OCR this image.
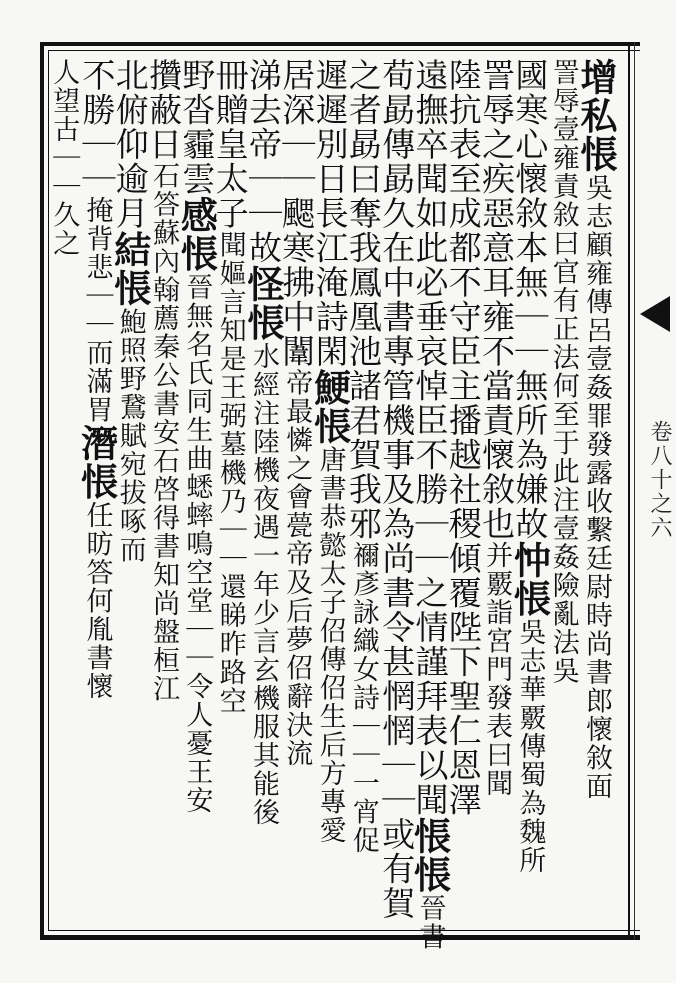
卷八十之六
增私悵吳志顧雍傳呂壹姦罪發露收繫廷尉時尚書郎懷敘面
詈辱壹雍責敘曰官有正法何至于此注壹姦險亂法吳
國寒心懷敘本無｜｜無所為嫌故忡悵吳志華覈傳蜀為魏所
詈辱之疾惡意耳雍不當責懷敘也并覈詣宮門發表曰聞
陸抗表至成都不守臣主播越社稷傾覆陛下聖仁恩澤
遠撫卒聞如此必垂哀悼臣不勝｜｜之情謹拜表以聞悵悵晉書
荀勗傳勗久在中書專管機事及為尚書令甚惘惘｜｜或有賀
之者勗曰奪我鳳凰池諸君賀我邪禰彥詠織女詩｜｜一宵促
遲遲別日長江淹詩閑鯁悵唐書恭懿太子佋傳佋生后方專愛
居深｜｜颸寒拂中闈帝最憐之會甍帝及后夢佋辭決流
涕去帝｜｜故怪悵水經注陸機夜遇一年少言玄機服其能後
冊贈皇太子聞嫗言知是王弼墓機乃｜｜還睇昨路空
野沓霾雲感悵晉無名氏同生曲蟋蟀鳴空堂｜｜令人憂王安
攢蔽日石答蘇內翰薦秦公書安石啓得書知尚盤桓江
北俯仰逾月結悵鮑照野鵞賦宛拔啄而
不勝｜｜掩背悲｜｜而滿胃潛悵任昉答何胤書懷
人望古｜｜久之
